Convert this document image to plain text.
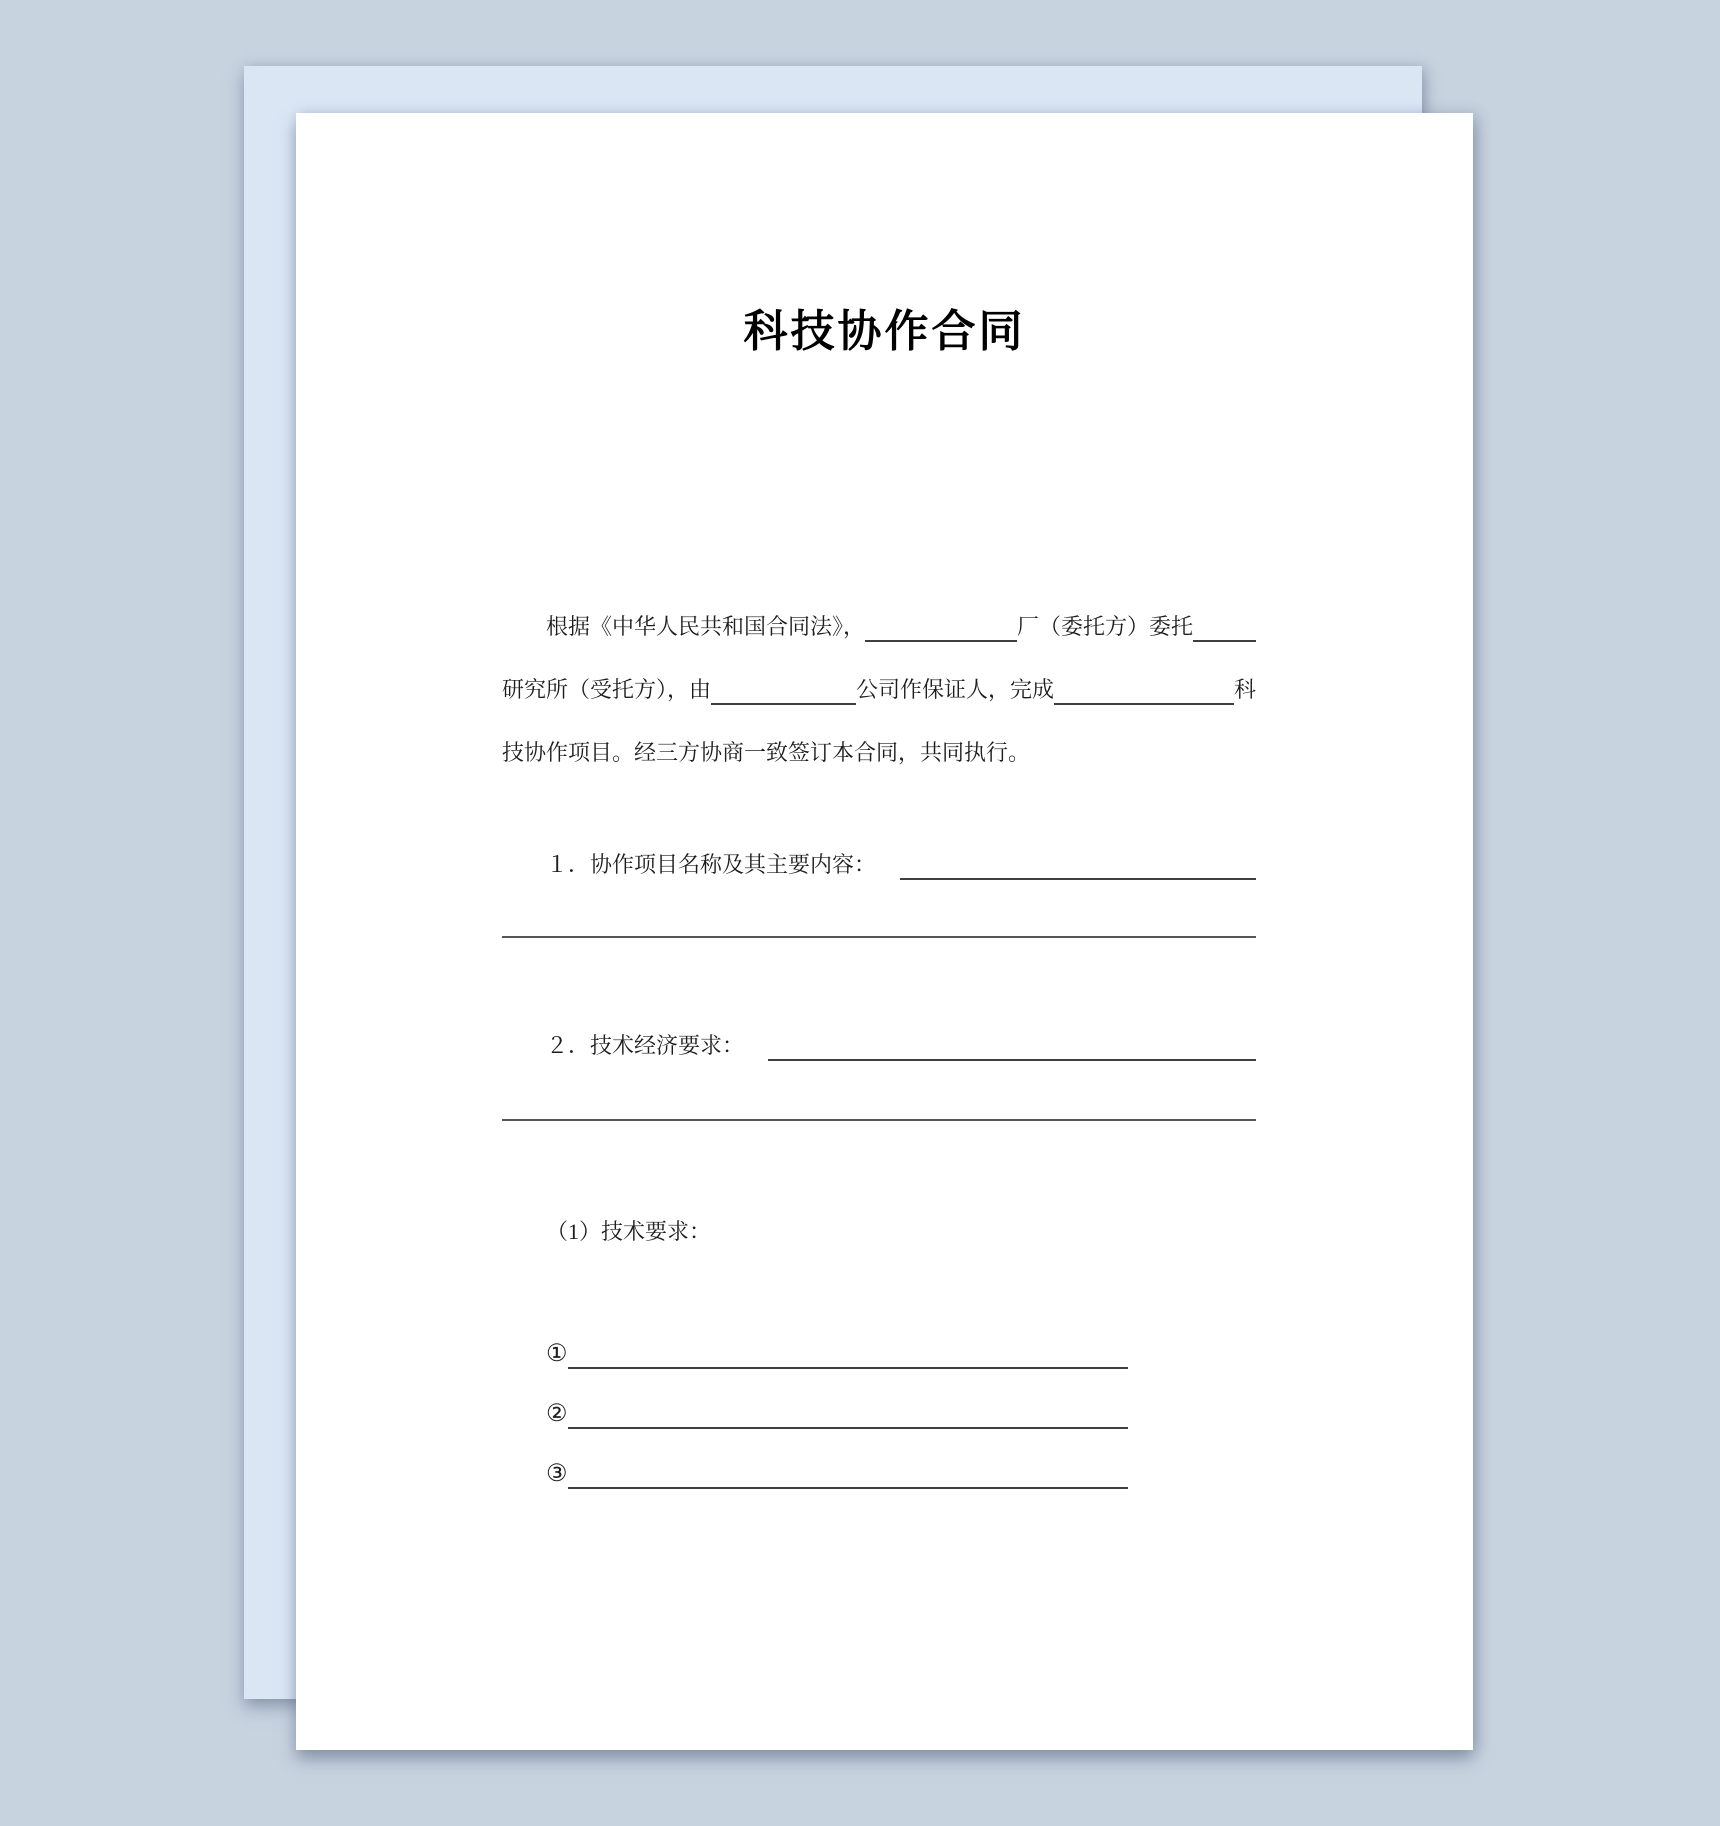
科技协作合同
根据《中华人民共和国合同法》，	厂（委托方）委托
研究所（受托方），由	公司作保证人，完成	科
技协作项目。经三方协商一致签订本合同，共同执行。
１．协作项目名称及其主要内容：
２．技术经济要求：
（1）技术要求：
①
②
③
